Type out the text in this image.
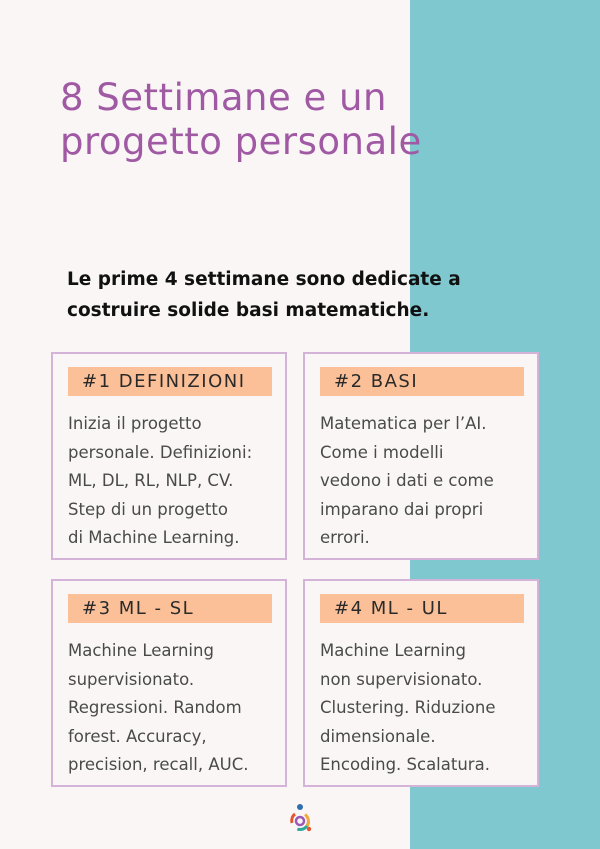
8 Settimane e un progetto personale

Le prime 4 settimane sono dedicate a costruire solide basi matematiche.

#1 DEFINIZIONI
Inizia il progetto
personale. Definizioni:
ML, DL, RL, NLP, CV.
Step di un progetto
di Machine Learning.
#2 BASI
Matematica per l’AI.
Come i modelli
vedono i dati e come
imparano dai propri
errori.
#3 ML - SL
Machine Learning
supervisionato.
Regressioni. Random
forest. Accuracy,
precision, recall, AUC.
#4 ML - UL
Machine Learning
non supervisionato.
Clustering. Riduzione
dimensionale.
Encoding. Scalatura.
